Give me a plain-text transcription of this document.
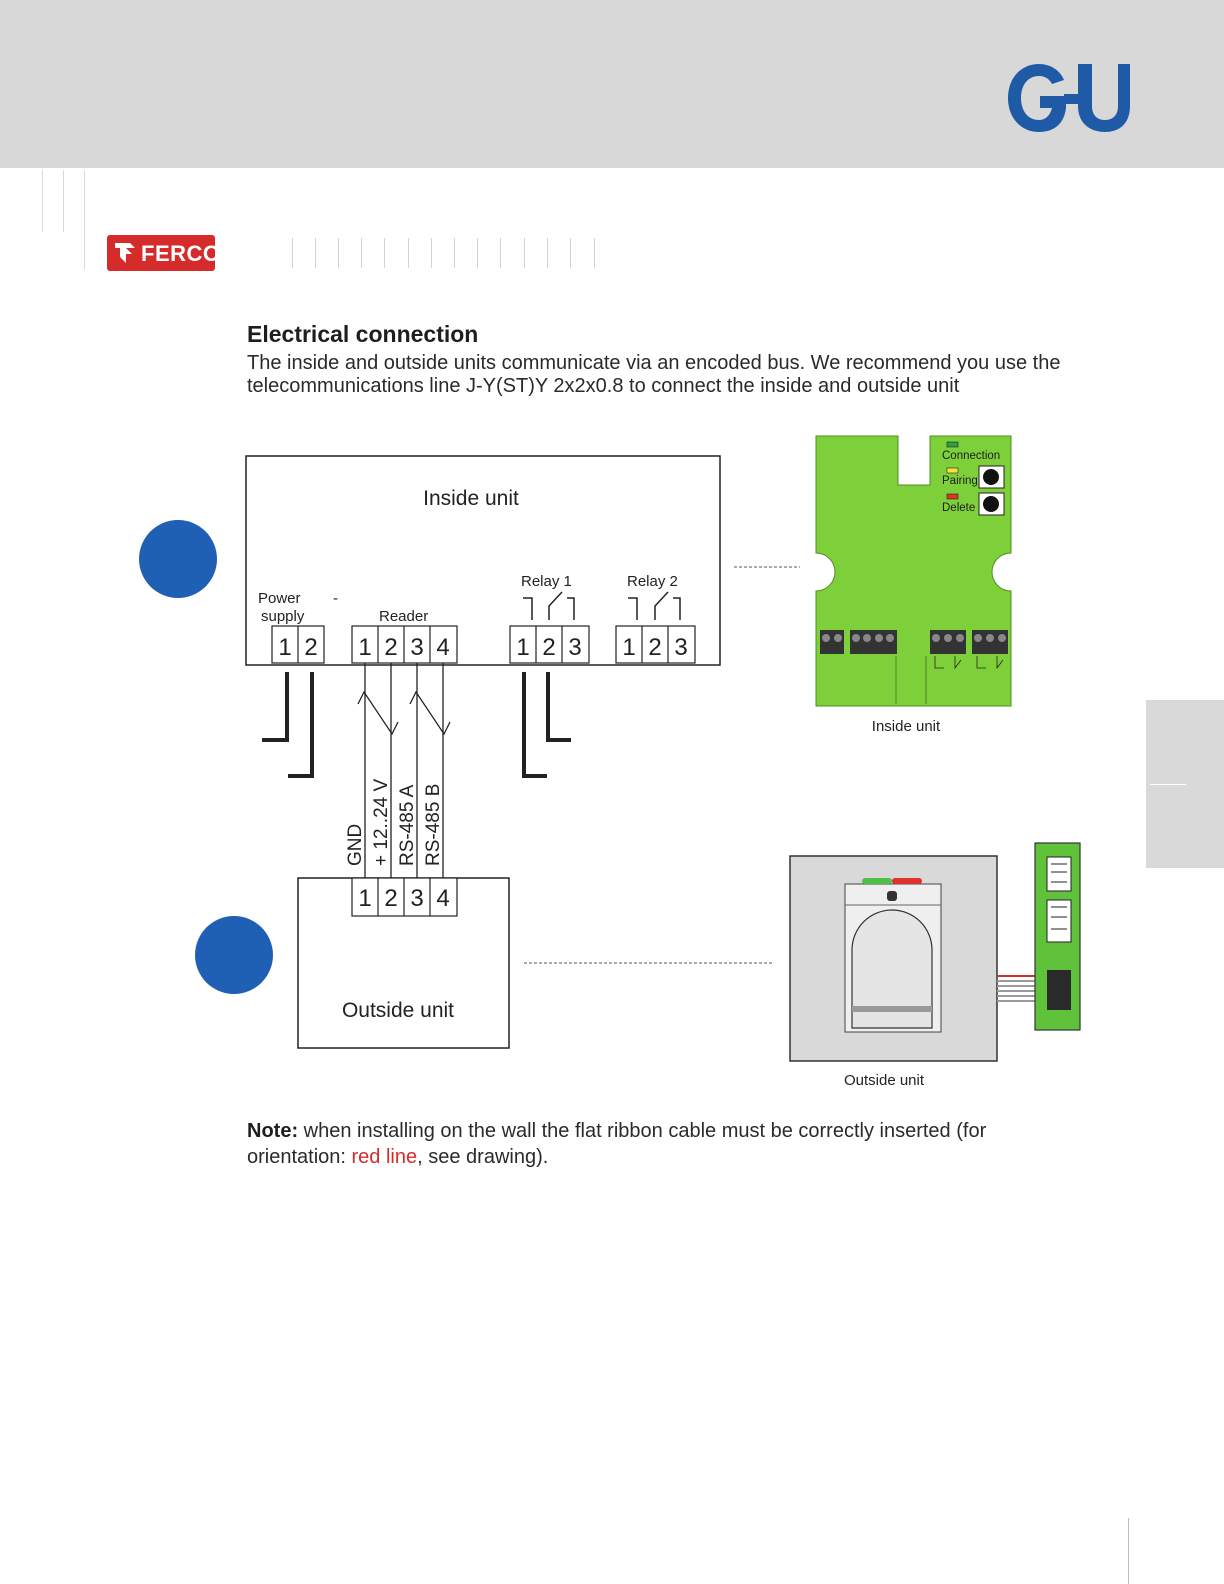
FERCO
Electrical connection
The inside and outside units communicate via an encoded bus. We recommend you use the telecommunications line J-Y(ST)Y 2x2x0.8 to connect the inside and outside unit
Inside unit
Power
supply
-
Reader
Relay 1	Relay 2
1 2 1 2 3 4	1 2 3 1 2 3
GND + 12..24 V RS-485 A RS-485 B
1 2 3 4
Outside unit
Connection
Pairing
Delete
Inside unit
Outside unit
Note: when installing on the wall the flat ribbon cable must be correctly inserted (for orientation: red line, see drawing).
